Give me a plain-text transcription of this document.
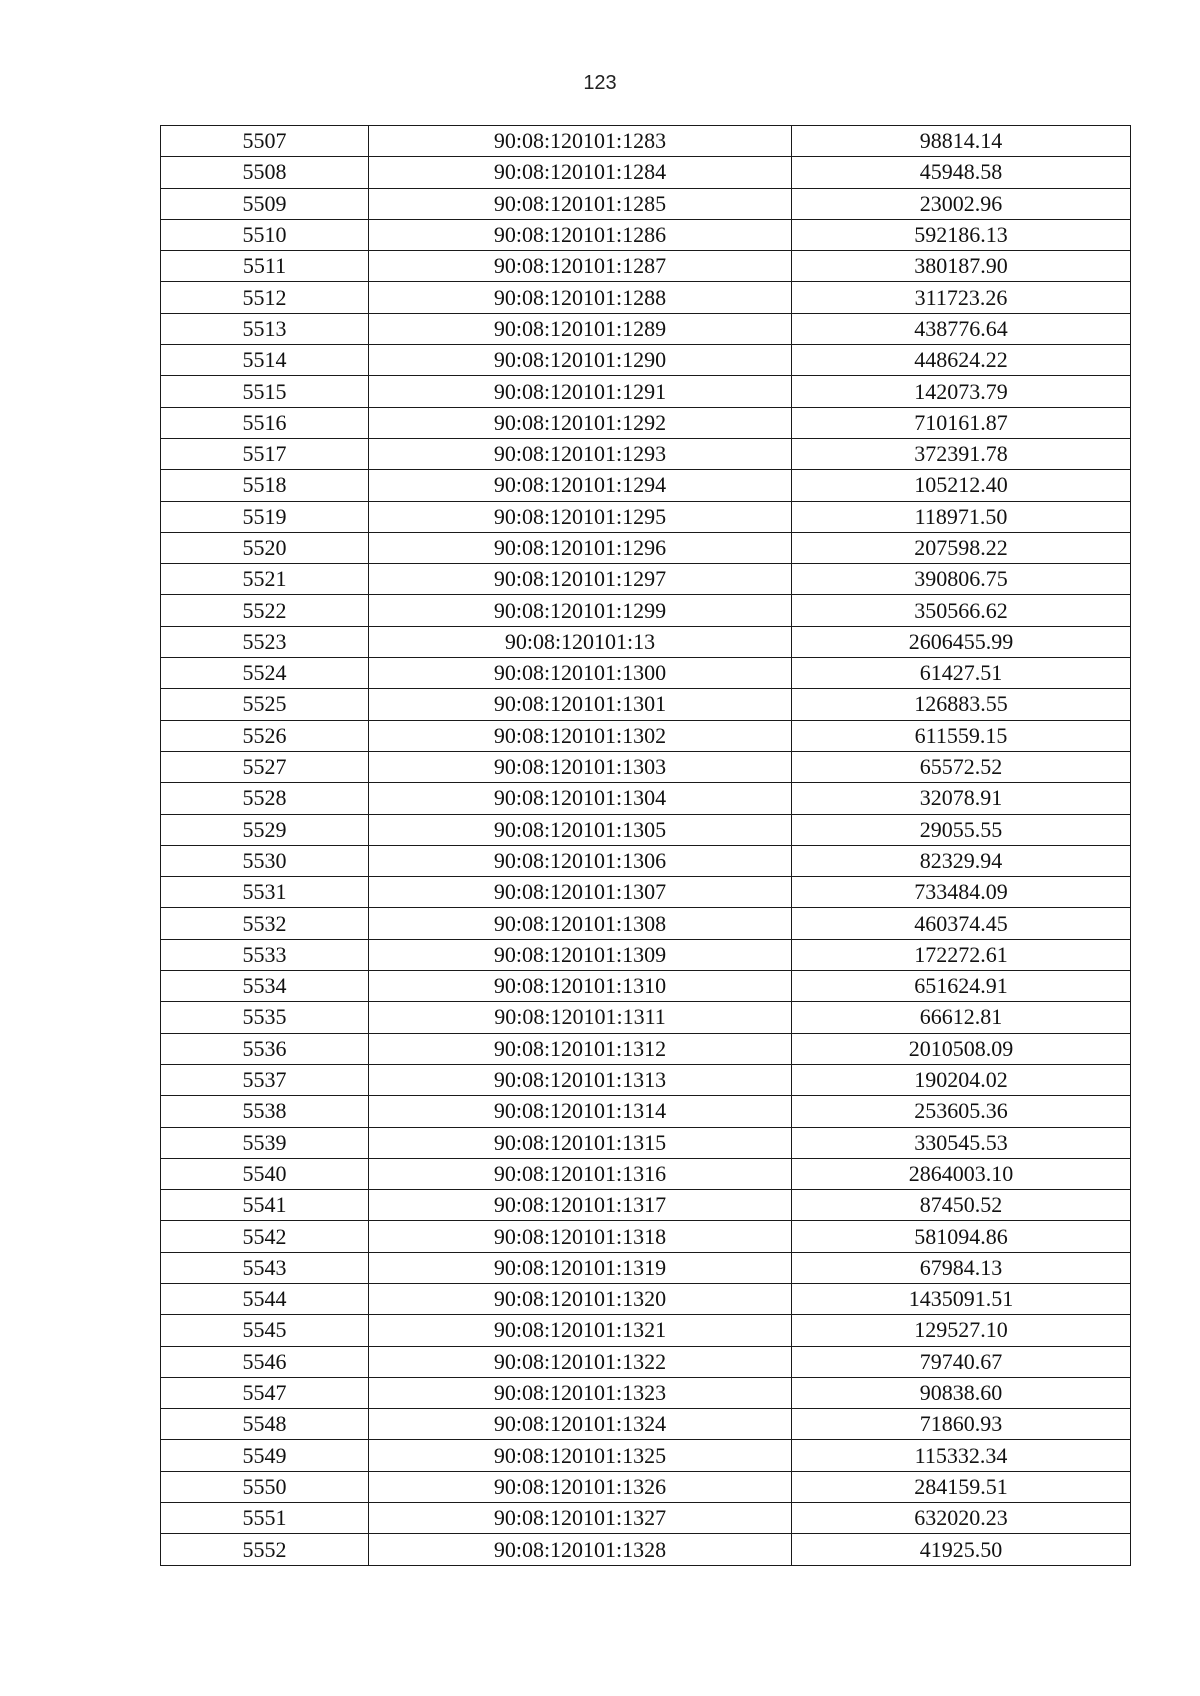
123
5507	90:08:120101:1283	98814.14
5508	90:08:120101:1284	45948.58
5509	90:08:120101:1285	23002.96
5510	90:08:120101:1286	592186.13
5511	90:08:120101:1287	380187.90
5512	90:08:120101:1288	311723.26
5513	90:08:120101:1289	438776.64
5514	90:08:120101:1290	448624.22
5515	90:08:120101:1291	142073.79
5516	90:08:120101:1292	710161.87
5517	90:08:120101:1293	372391.78
5518	90:08:120101:1294	105212.40
5519	90:08:120101:1295	118971.50
5520	90:08:120101:1296	207598.22
5521	90:08:120101:1297	390806.75
5522	90:08:120101:1299	350566.62
5523	90:08:120101:13	2606455.99
5524	90:08:120101:1300	61427.51
5525	90:08:120101:1301	126883.55
5526	90:08:120101:1302	611559.15
5527	90:08:120101:1303	65572.52
5528	90:08:120101:1304	32078.91
5529	90:08:120101:1305	29055.55
5530	90:08:120101:1306	82329.94
5531	90:08:120101:1307	733484.09
5532	90:08:120101:1308	460374.45
5533	90:08:120101:1309	172272.61
5534	90:08:120101:1310	651624.91
5535	90:08:120101:1311	66612.81
5536	90:08:120101:1312	2010508.09
5537	90:08:120101:1313	190204.02
5538	90:08:120101:1314	253605.36
5539	90:08:120101:1315	330545.53
5540	90:08:120101:1316	2864003.10
5541	90:08:120101:1317	87450.52
5542	90:08:120101:1318	581094.86
5543	90:08:120101:1319	67984.13
5544	90:08:120101:1320	1435091.51
5545	90:08:120101:1321	129527.10
5546	90:08:120101:1322	79740.67
5547	90:08:120101:1323	90838.60
5548	90:08:120101:1324	71860.93
5549	90:08:120101:1325	115332.34
5550	90:08:120101:1326	284159.51
5551	90:08:120101:1327	632020.23
5552	90:08:120101:1328	41925.50
